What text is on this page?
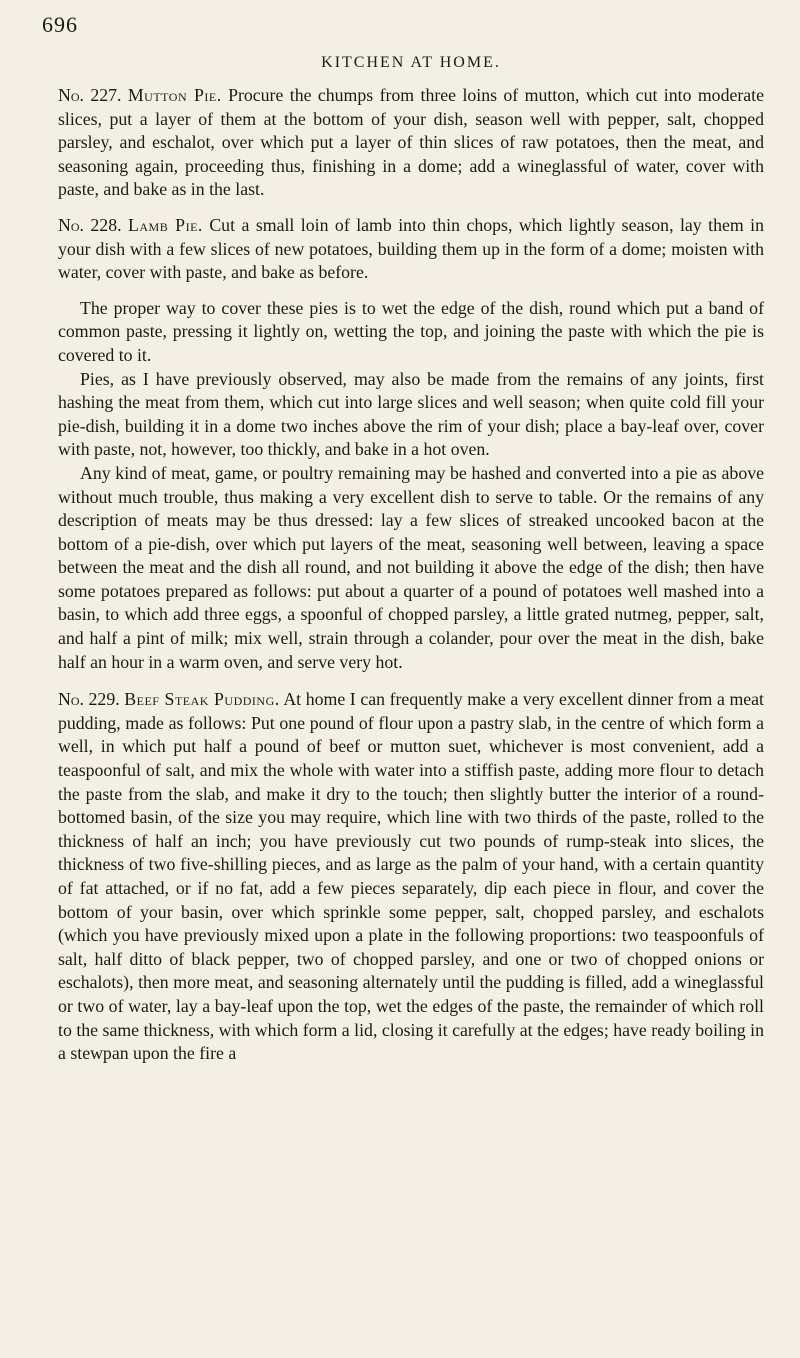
696
KITCHEN AT HOME.

No. 227. Mutton Pie. Procure the chumps from three loins of mutton, which cut into moderate slices, put a layer of them at the bottom of your dish, season well with pepper, salt, chopped parsley, and eschalot, over which put a layer of thin slices of raw potatoes, then the meat, and seasoning again, proceeding thus, finishing in a dome; add a wineglassful of water, cover with paste, and bake as in the last.

No. 228. Lamb Pie. Cut a small loin of lamb into thin chops, which lightly season, lay them in your dish with a few slices of new potatoes, building them up in the form of a dome; moisten with water, cover with paste, and bake as before.

The proper way to cover these pies is to wet the edge of the dish, round which put a band of common paste, pressing it lightly on, wetting the top, and joining the paste with which the pie is covered to it.

Pies, as I have previously observed, may also be made from the remains of any joints, first hashing the meat from them, which cut into large slices and well season; when quite cold fill your pie-dish, building it in a dome two inches above the rim of your dish; place a bay-leaf over, cover with paste, not, however, too thickly, and bake in a hot oven.

Any kind of meat, game, or poultry remaining may be hashed and converted into a pie as above without much trouble, thus making a very excellent dish to serve to table. Or the remains of any description of meats may be thus dressed: lay a few slices of streaked uncooked bacon at the bottom of a pie-dish, over which put layers of the meat, seasoning well between, leaving a space between the meat and the dish all round, and not building it above the edge of the dish; then have some potatoes prepared as follows: put about a quarter of a pound of potatoes well mashed into a basin, to which add three eggs, a spoonful of chopped parsley, a little grated nutmeg, pepper, salt, and half a pint of milk; mix well, strain through a colander, pour over the meat in the dish, bake half an hour in a warm oven, and serve very hot.

No. 229. Beef Steak Pudding. At home I can frequently make a very excellent dinner from a meat pudding, made as follows: Put one pound of flour upon a pastry slab, in the centre of which form a well, in which put half a pound of beef or mutton suet, whichever is most convenient, add a teaspoonful of salt, and mix the whole with water into a stiffish paste, adding more flour to detach the paste from the slab, and make it dry to the touch; then slightly butter the interior of a round-bottomed basin, of the size you may require, which line with two thirds of the paste, rolled to the thickness of half an inch; you have previously cut two pounds of rump-steak into slices, the thickness of two five-shilling pieces, and as large as the palm of your hand, with a certain quantity of fat attached, or if no fat, add a few pieces separately, dip each piece in flour, and cover the bottom of your basin, over which sprinkle some pepper, salt, chopped parsley, and eschalots (which you have previously mixed upon a plate in the following proportions: two teaspoonfuls of salt, half ditto of black pepper, two of chopped parsley, and one or two of chopped onions or eschalots), then more meat, and seasoning alternately until the pudding is filled, add a wineglassful or two of water, lay a bay-leaf upon the top, wet the edges of the paste, the remainder of which roll to the same thickness, with which form a lid, closing it carefully at the edges; have ready boiling in a stewpan upon the fire a
